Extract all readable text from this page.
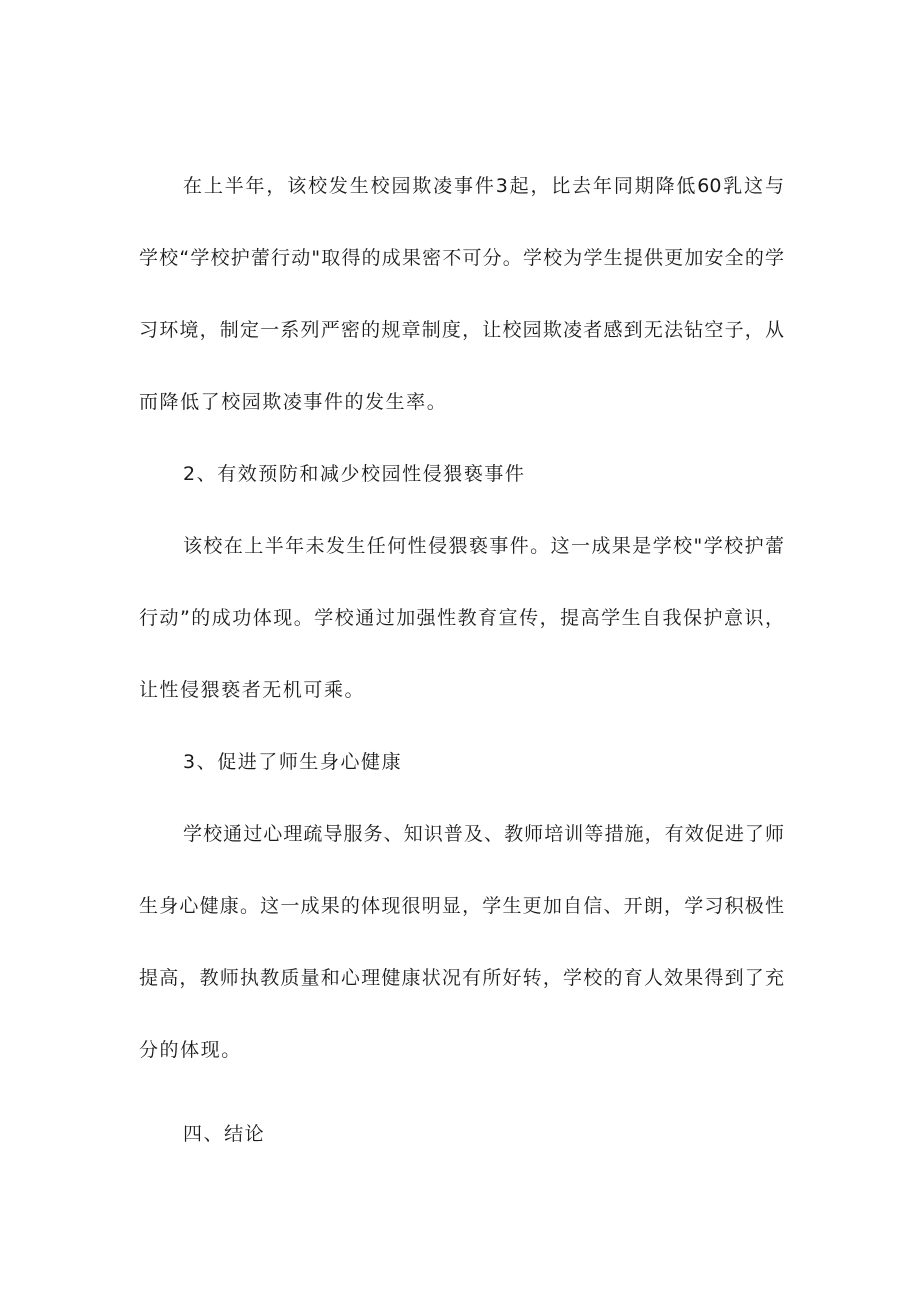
在上半年，该校发生校园欺凌事件3起，比去年同期降低60乳这与
学校“学校护蕾行动"取得的成果密不可分。学校为学生提供更加安全的学
习环境，制定一系列严密的规章制度，让校园欺凌者感到无法钻空子，从
而降低了校园欺凌事件的发生率。
2、有效预防和减少校园性侵猥亵事件
该校在上半年未发生任何性侵猥亵事件。这一成果是学校"学校护蕾
行动”的成功体现。学校通过加强性教育宣传，提高学生自我保护意识，
让性侵猥亵者无机可乘。
3、促进了师生身心健康
学校通过心理疏导服务、知识普及、教师培训等措施，有效促进了师
生身心健康。这一成果的体现很明显，学生更加自信、开朗，学习积极性
提高，教师执教质量和心理健康状况有所好转，学校的育人效果得到了充
分的体现。
四、结论
